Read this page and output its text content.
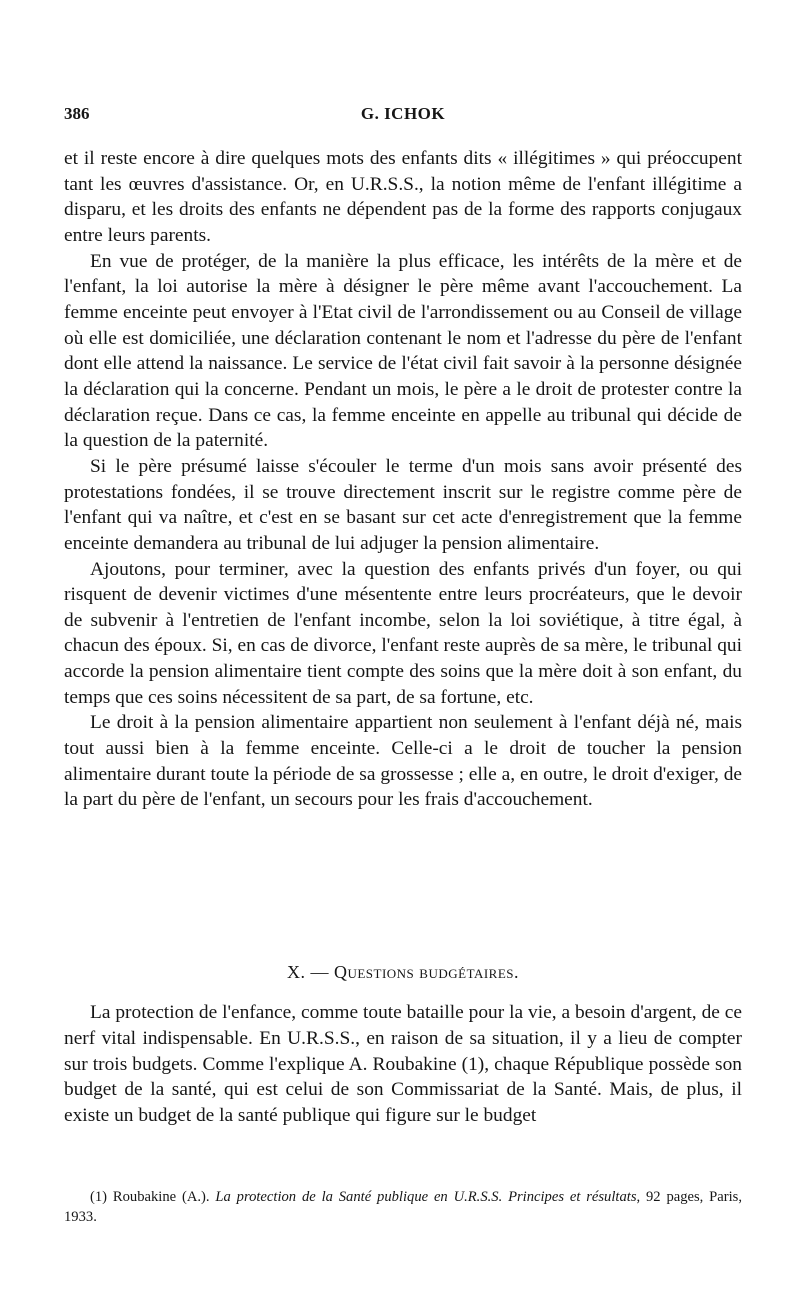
386	G. ICHOK

et il reste encore à dire quelques mots des enfants dits « illégitimes » qui préoccupent tant les œuvres d'assistance. Or, en U.R.S.S., la notion même de l'enfant illégitime a disparu, et les droits des enfants ne dépendent pas de la forme des rapports conjugaux entre leurs parents.

En vue de protéger, de la manière la plus efficace, les intérêts de la mère et de l'enfant, la loi autorise la mère à désigner le père même avant l'accouchement. La femme enceinte peut envoyer à l'Etat civil de l'arrondissement ou au Conseil de village où elle est domiciliée, une déclaration contenant le nom et l'adresse du père de l'enfant dont elle attend la naissance. Le service de l'état civil fait savoir à la personne désignée la déclaration qui la concerne. Pendant un mois, le père a le droit de protester contre la déclaration reçue. Dans ce cas, la femme enceinte en appelle au tribunal qui décide de la question de la paternité.

Si le père présumé laisse s'écouler le terme d'un mois sans avoir présenté des protestations fondées, il se trouve directement inscrit sur le registre comme père de l'enfant qui va naître, et c'est en se basant sur cet acte d'enregistrement que la femme enceinte demandera au tribunal de lui adjuger la pension alimentaire.

Ajoutons, pour terminer, avec la question des enfants privés d'un foyer, ou qui risquent de devenir victimes d'une mésentente entre leurs procréateurs, que le devoir de subvenir à l'entretien de l'enfant incombe, selon la loi soviétique, à titre égal, à chacun des époux. Si, en cas de divorce, l'enfant reste auprès de sa mère, le tribunal qui accorde la pension alimentaire tient compte des soins que la mère doit à son enfant, du temps que ces soins nécessitent de sa part, de sa fortune, etc.

Le droit à la pension alimentaire appartient non seulement à l'enfant déjà né, mais tout aussi bien à la femme enceinte. Celle-ci a le droit de toucher la pension alimentaire durant toute la période de sa grossesse ; elle a, en outre, le droit d'exiger, de la part du père de l'enfant, un secours pour les frais d'accouchement.

X. — Questions budgétaires.

La protection de l'enfance, comme toute bataille pour la vie, a besoin d'argent, de ce nerf vital indispensable. En U.R.S.S., en raison de sa situation, il y a lieu de compter sur trois budgets. Comme l'explique A. Roubakine (1), chaque République possède son budget de la santé, qui est celui de son Commissariat de la Santé. Mais, de plus, il existe un budget de la santé publique qui figure sur le budget

(1) Roubakine (A.). La protection de la Santé publique en U.R.S.S. Principes et résultats, 92 pages, Paris, 1933.
